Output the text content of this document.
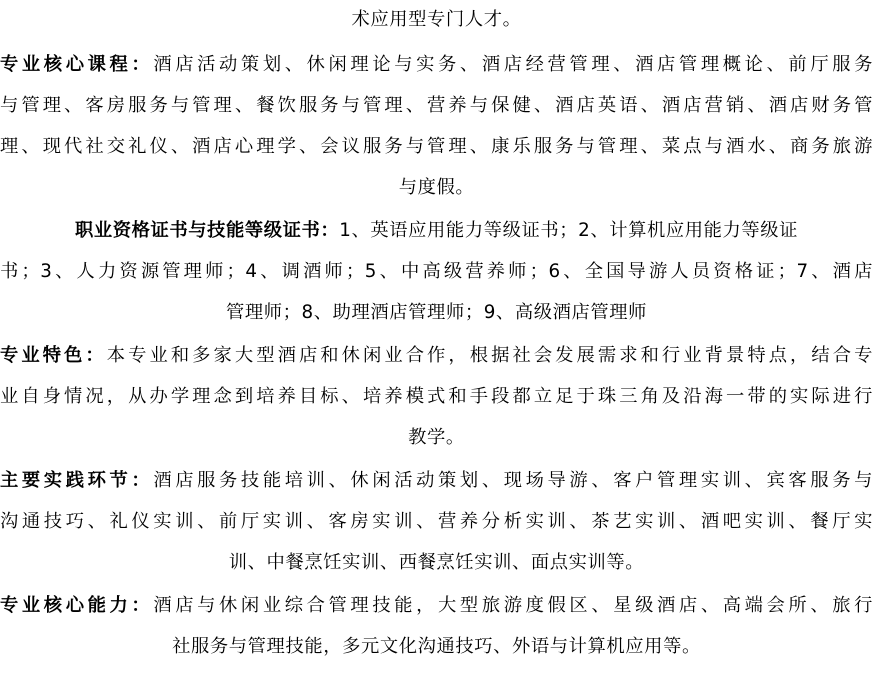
术应用型专门人才。
专业核心课程：酒店活动策划、休闲理论与实务、酒店经营管理、酒店管理概论、前厅服务
与管理、客房服务与管理、餐饮服务与管理、营养与保健、酒店英语、酒店营销、酒店财务管
理、现代社交礼仪、酒店心理学、会议服务与管理、康乐服务与管理、菜点与酒水、商务旅游
与度假。
职业资格证书与技能等级证书：1、英语应用能力等级证书；2、计算机应用能力等级证
书；3、人力资源管理师；4、调酒师；5、中高级营养师；6、全国导游人员资格证；7、酒店
管理师；8、助理酒店管理师；9、高级酒店管理师
专业特色：本专业和多家大型酒店和休闲业合作，根据社会发展需求和行业背景特点，结合专
业自身情况，从办学理念到培养目标、培养模式和手段都立足于珠三角及沿海一带的实际进行
教学。
主要实践环节：酒店服务技能培训、休闲活动策划、现场导游、客户管理实训、宾客服务与
沟通技巧、礼仪实训、前厅实训、客房实训、营养分析实训、茶艺实训、酒吧实训、餐厅实
训、中餐烹饪实训、西餐烹饪实训、面点实训等。
专业核心能力：酒店与休闲业综合管理技能，大型旅游度假区、星级酒店、高端会所、旅行
社服务与管理技能，多元文化沟通技巧、外语与计算机应用等。
